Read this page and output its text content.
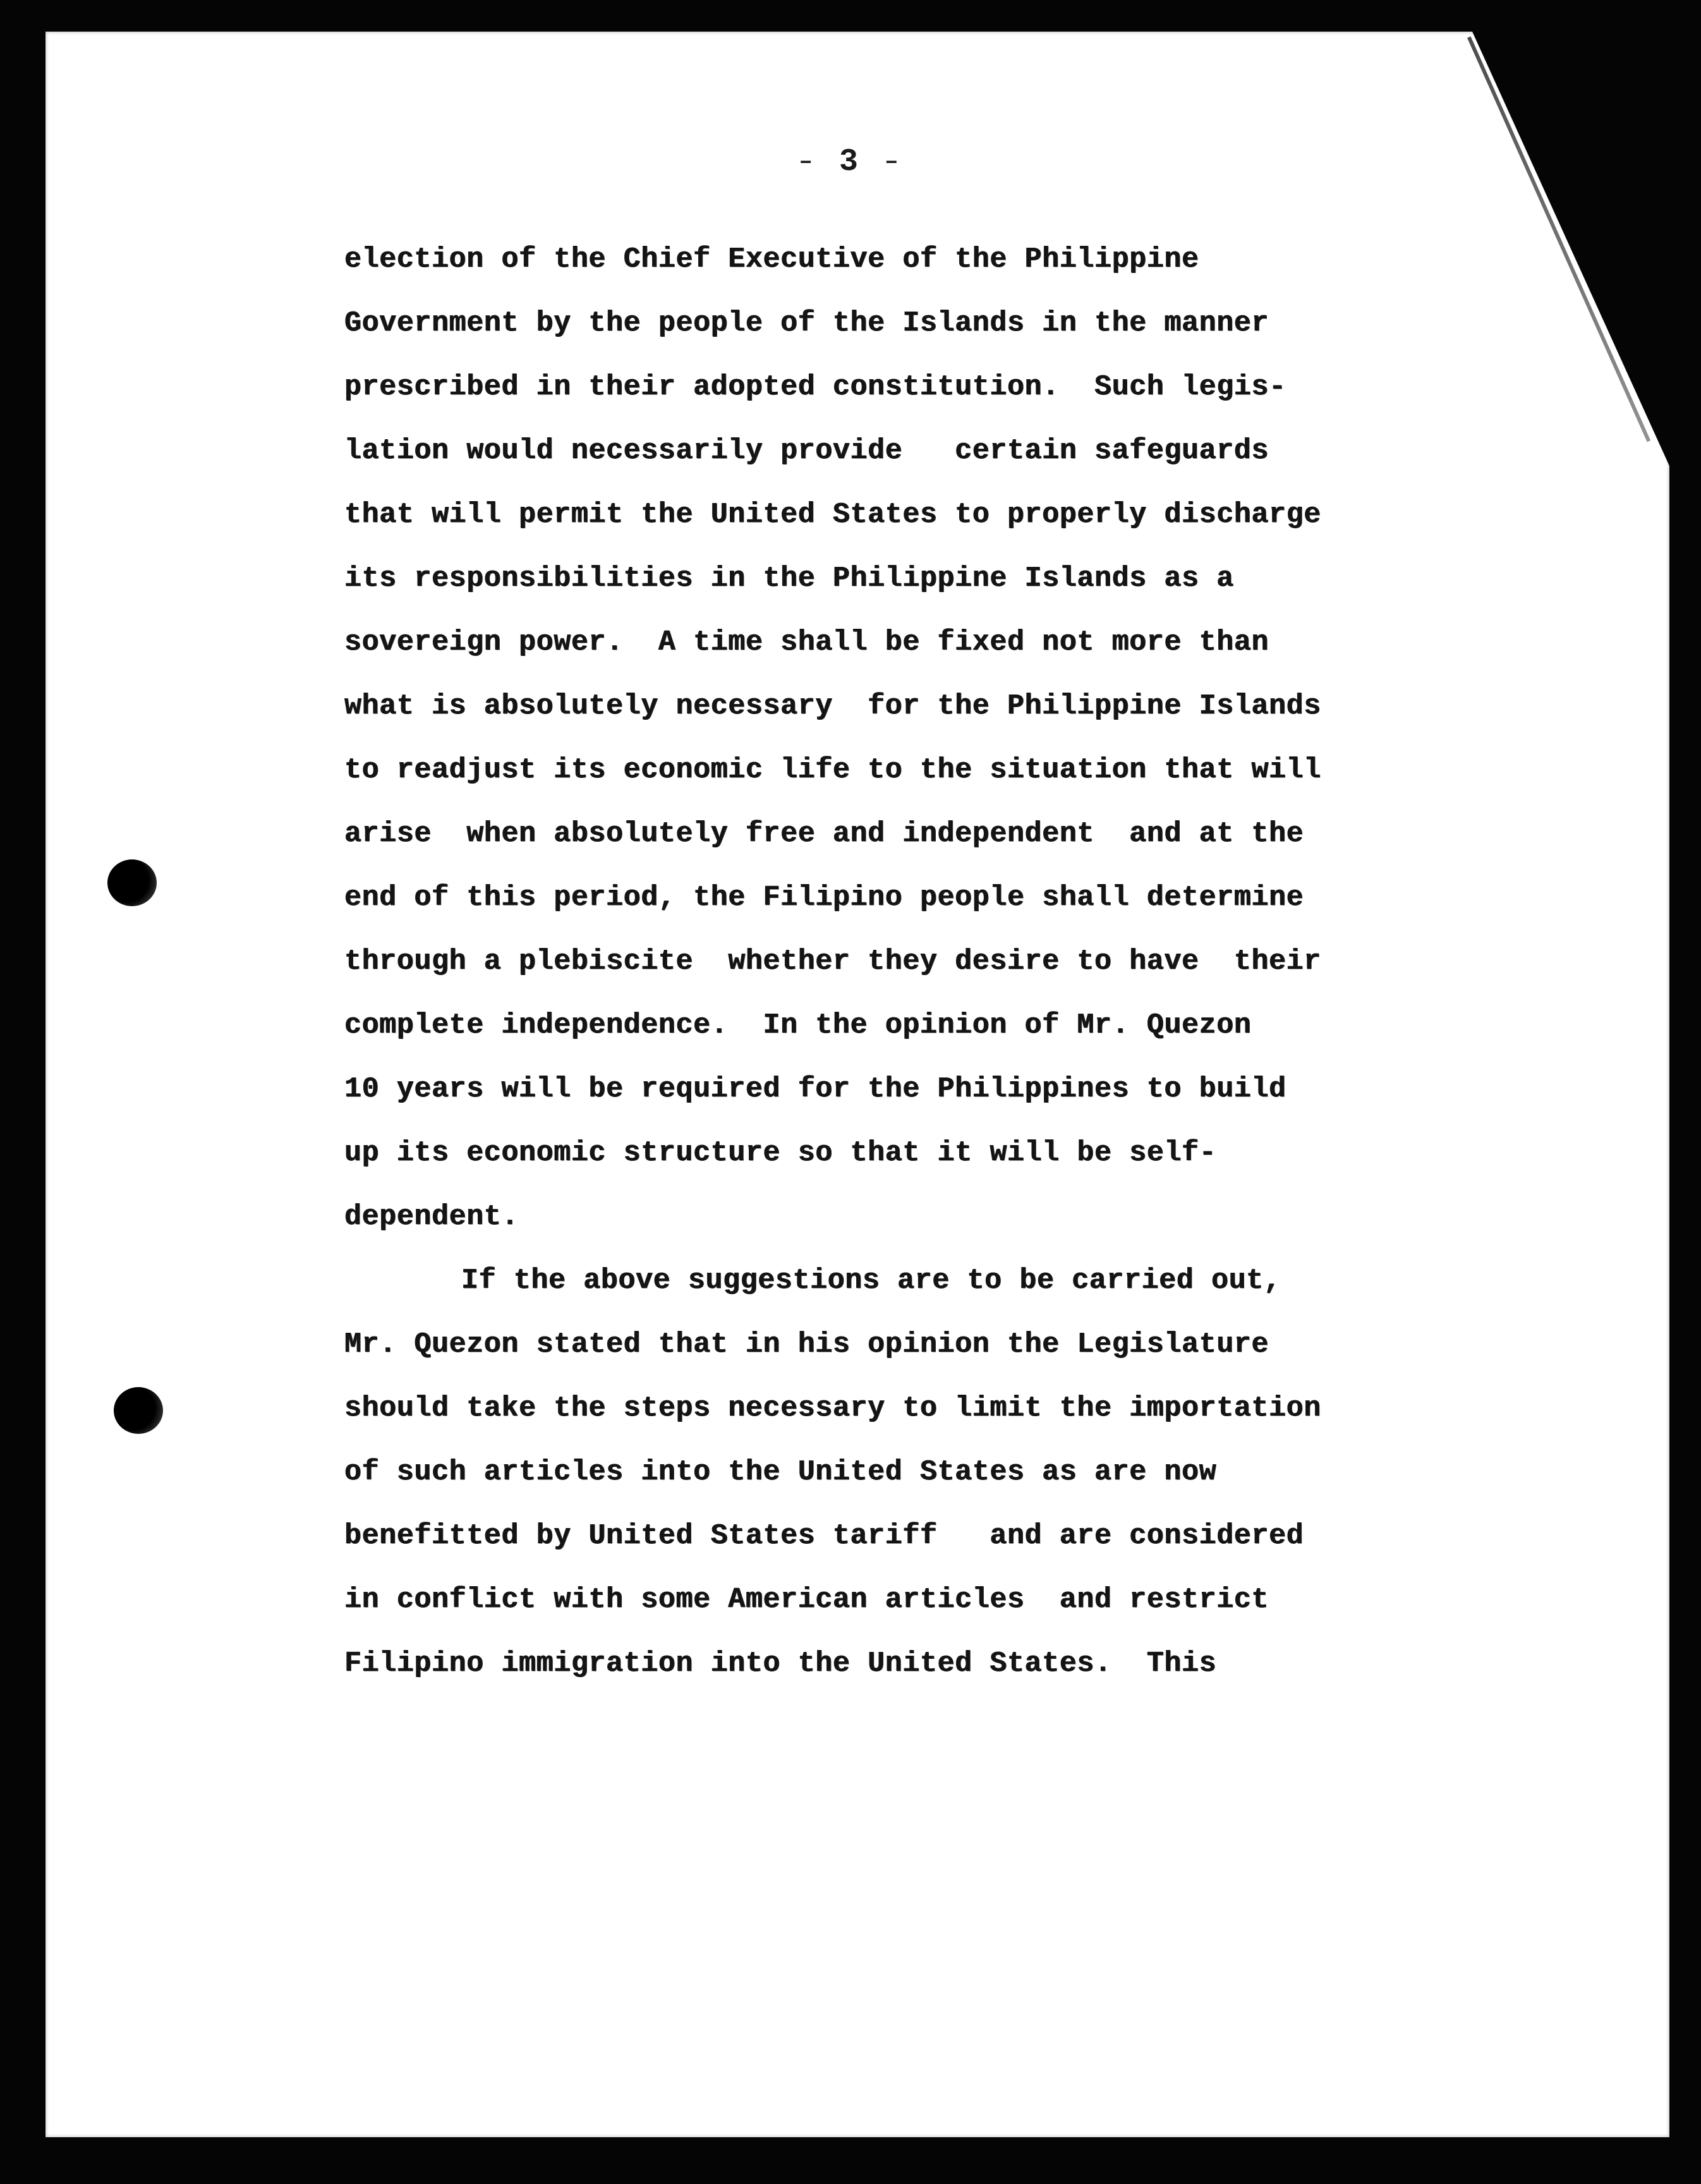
– 3 –
election of the Chief Executive of the Philippine
Government by the people of the Islands in the manner
prescribed in their adopted constitution.  Such legis-
lation would necessarily provide   certain safeguards
that will permit the United States to properly discharge
its responsibilities in the Philippine Islands as a
sovereign power.  A time shall be fixed not more than
what is absolutely necessary  for the Philippine Islands
to readjust its economic life to the situation that will
arise  when absolutely free and independent  and at the
end of this period, the Filipino people shall determine
through a plebiscite  whether they desire to have  their
complete independence.  In the opinion of Mr. Quezon
10 years will be required for the Philippines to build
up its economic structure so that it will be self-
dependent.
If the above suggestions are to be carried out,
Mr. Quezon stated that in his opinion the Legislature
should take the steps necessary to limit the importation
of such articles into the United States as are now
benefitted by United States tariff   and are considered
in conflict with some American articles  and restrict
Filipino immigration into the United States.  This
